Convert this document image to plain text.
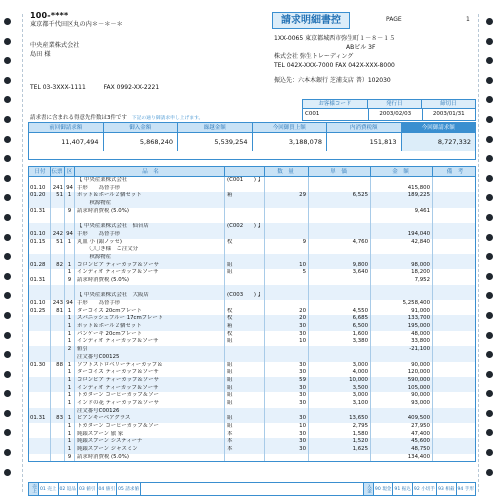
100-****
東京都千代田区丸の内＊－＊－＊
中央産業株式会社
島田 様
請求明細書控	PAGE	1
1XX-0065 東京都城西市弥生町１－８－１５
ABビル 3F
株式会社 弥生トレーディング
TEL 042X-XXX-7000 FAX 042X-XXX-8000
振込先：六本木銀行 芝浦支店 普）102030
TEL 03-3XXX-1111	FAX 0992-XX-2221
お客様コード	発行日	締切日
C001	2003/02/03	2003/01/31
請求書に含まれる得意先件数は3件です 下記の通り御請求申し上げます。
前回御請求額	御入金額	繰越金額	今回御買上額	内消費税額	今回御請求額
11,407,494	5,868,240	5,539,254	3,188,078	151,813	8,727,332
日付	伝票 区	品　名	数　量	単　価	金　額	備　考
【 中央産業株式会社	(C001　　) 】
01.10	241 94 手形　　為替手形	415,800
01.20	51 1	ポット＆ボール２個セット	箱	29	6,525	189,225
　　 秋源物産
01.31	9	請求時消費税 (5.0%)	9,461
【 中央産業株式会社　仙台店	(C002　　) 】
01.10	242 94 手形　　為替手形	194,040
01.15	51 1	丸皿 小 (銀ノッセ)	枚	9	4,760	42,840
　　 〇〇き様　ご注文分
　　 秋源物産
01.28	82 1	コロンビア ティーカップ＆ソーサ	組	10	9,800	98,000
1	インディオ ティーカップ＆ソーサ	組	5	3,640	18,200
01.31	9	請求時消費税 (5.0%)	7,952
【 中央産業株式会社　大阪店	(C003　　) 】
01.10	243 94 手形　　為替手形	5,258,400
01.25	81 1	ターコイズ 20cmプレート	枚	20	4,550	91,000
1	スパニッシュブルー 17cmプレート	枚	20	6,685	133,700
1	ポット＆ボール２個セット	箱	30	6,500	195,000
1	パンケーキ 20cmプレート	枚	30	1,600	48,000
1	インディオ ティーカップ＆ソーサ	組	10	3,380	33,800
2	値引	-21,100
注文番号C00125
01.30	88 1	ソフトストロベリーティーカップ＆	組	30	3,000	90,000
1	ターコイズ ティーカップ＆ソーサ	組	30	4,000	120,000
1	コロンビア ティーカップ＆ソーサ	組	59	10,000	590,000
1	インディオ ティーカップ＆ソーサ	組	30	3,500	105,000
1	トカターン コーヒーカップ＆ソー	組	30	3,000	90,000
1	インドの花 ティーカップ＆ソーサ	組	30	3,100	93,000
注文番号C00126
01.31	83 1	ビアンキーベアグラス	組	30	13,650	409,500
1	トカターン コーヒーカップ＆ソー	組	10	2,795	27,950
1	純銀スプーン 旅 家	本	30	1,580	47,400
1	純銀スプーン システィーナ	本	30	1,520	45,600
1	純銀スプーン ジャスミン	本	30	1,625	48,750
9	請求時消費税 (5.0%)	134,400
売上 01 売上 02 返品 03 値引 04 値引 05 請求値	入金 90 現金 91 振込 92 小切手 93 相殺 94 手形
